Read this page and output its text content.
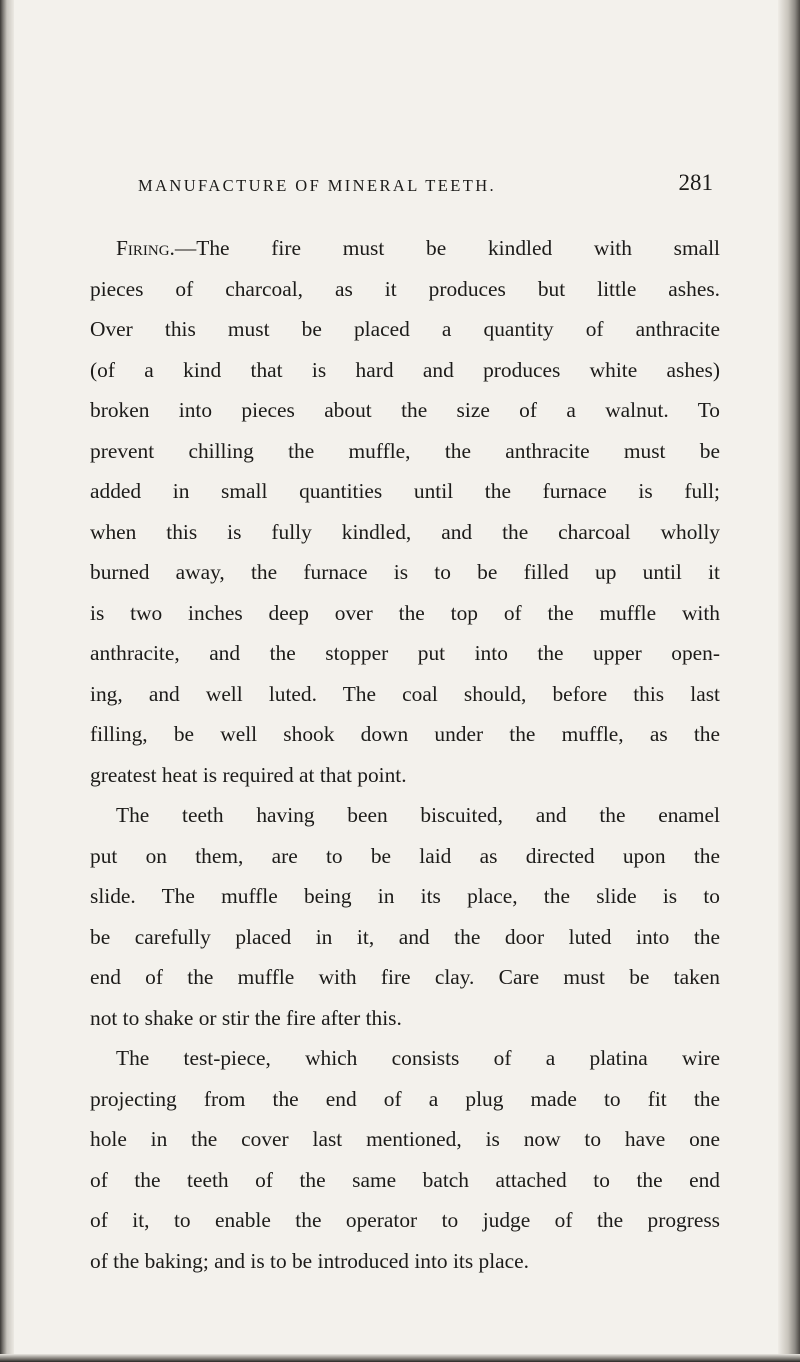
MANUFACTURE OF MINERAL TEETH.	281
Firing.—The fire must be kindled with small
pieces of charcoal, as it produces but little ashes.
Over this must be placed a quantity of anthracite
(of a kind that is hard and produces white ashes)
broken into pieces about the size of a walnut. To
prevent chilling the muffle, the anthracite must be
added in small quantities until the furnace is full;
when this is fully kindled, and the charcoal wholly
burned away, the furnace is to be filled up until it
is two inches deep over the top of the muffle with
anthracite, and the stopper put into the upper open-
ing, and well luted. The coal should, before this last
filling, be well shook down under the muffle, as the
greatest heat is required at that point.
The teeth having been biscuited, and the enamel
put on them, are to be laid as directed upon the
slide. The muffle being in its place, the slide is to
be carefully placed in it, and the door luted into the
end of the muffle with fire clay. Care must be taken
not to shake or stir the fire after this.
The test-piece, which consists of a platina wire
projecting from the end of a plug made to fit the
hole in the cover last mentioned, is now to have one
of the teeth of the same batch attached to the end
of it, to enable the operator to judge of the progress
of the baking; and is to be introduced into its place.
